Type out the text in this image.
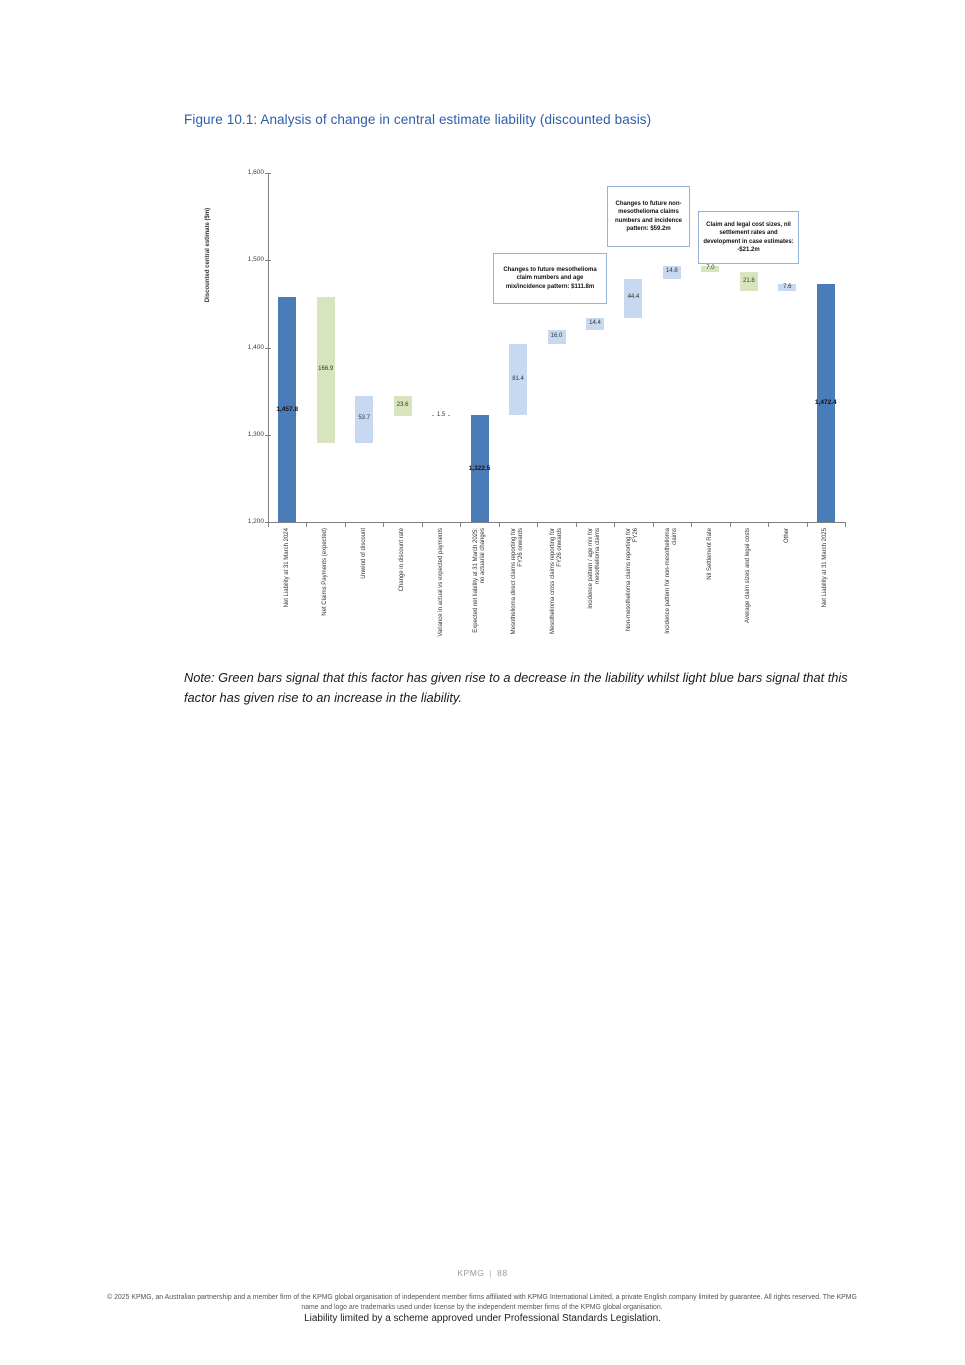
Figure 10.1: Analysis of change in central estimate liability (discounted basis)
Discounted central estimate ($m)
1,200
1,300
1,400
1,500
1,600
1,457.8
166.9
53.7
23.6
1.5
1,322.5
81.4
16.0
14.4
44.4
14.8
7.0
21.8
7.6
1,472.4
Net Liability at 31 March 2024	Net Claims Payments (expected)	Unwind of discount	Change in discount rate	Variance in actual vs expected payments	Expected net liability at 31 March 2025: no actuarial changes	Mesothelioma direct claims reporting for FY26 onwards	Mesothelioma cross claims reporting for FY26 onwards	Incidence pattern / age mix for mesothelioma claims	Non-mesothelioma claims reporting for FY26	Incidence pattern for non-mesothelioma claims	Nil Settlement Rate	Average claim sizes and legal costs	Other	Net Liability at 31 March 2025
Changes to future mesothelioma claim numbers and age mix/incidence pattern: $111.8m
Changes to future non-mesothelioma claims numbers and incidence pattern: $59.2m
Claim and legal cost sizes, nil settlement rates and development in case estimates: -$21.2m
Note: Green bars signal that this factor has given rise to a decrease in the liability whilst light blue bars signal that this factor has given rise to an increase in the liability.
KPMG | 88
© 2025 KPMG, an Australian partnership and a member firm of the KPMG global organisation of independent member firms affiliated with KPMG International Limited, a private English company limited by guarantee. All rights reserved. The KPMG name and logo are trademarks used under license by the independent member firms of the KPMG global organisation.
Liability limited by a scheme approved under Professional Standards Legislation.
